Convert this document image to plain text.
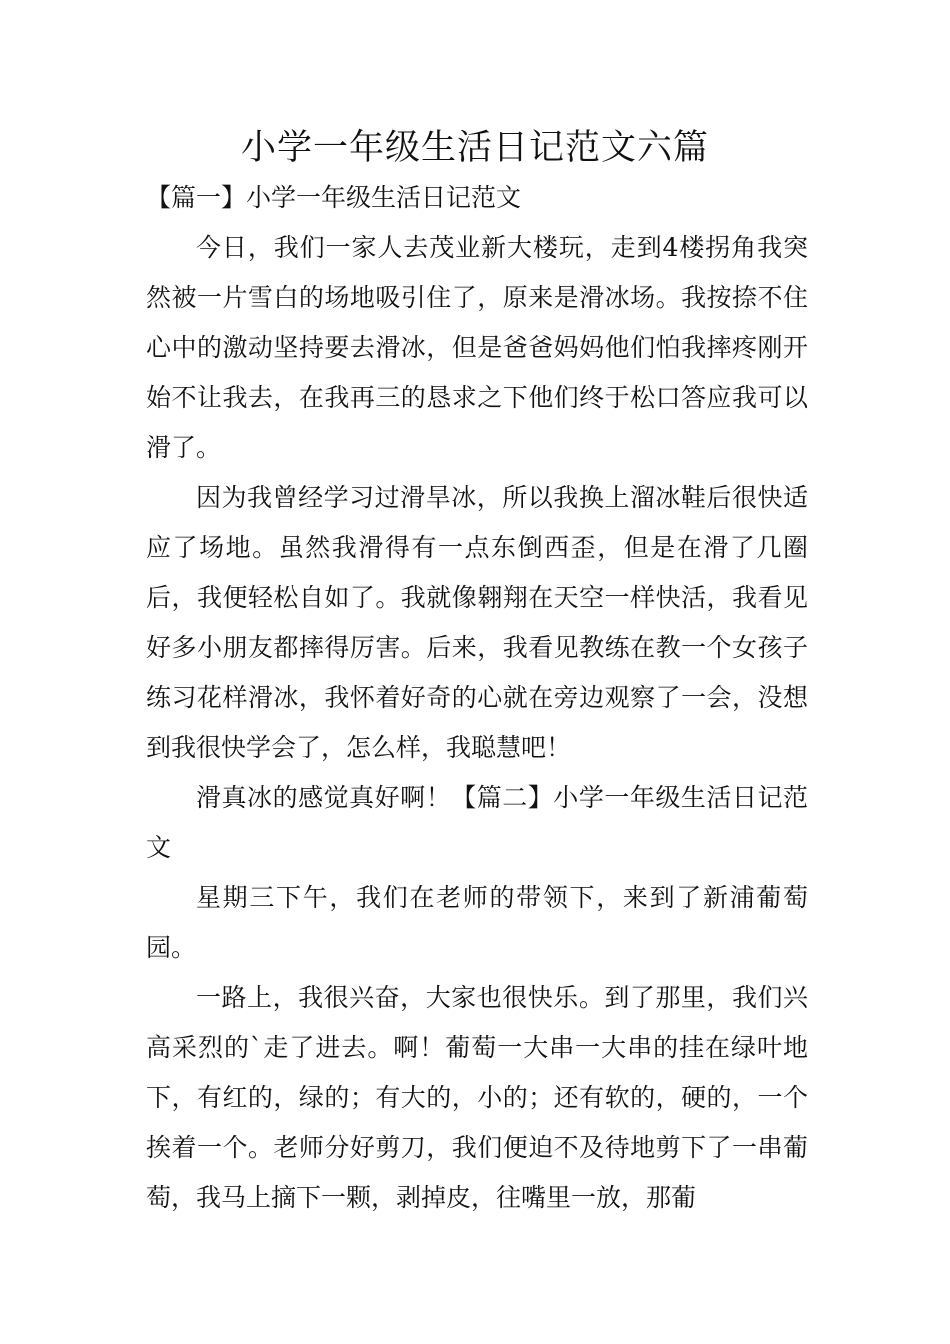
小学一年级生活日记范文六篇

【篇一】小学一年级生活日记范文

今日，我们一家人去茂业新大楼玩，走到4楼拐角我突然被一片雪白的场地吸引住了，原来是滑冰场。我按捺不住心中的激动坚持要去滑冰，但是爸爸妈妈他们怕我摔疼刚开始不让我去，在我再三的恳求之下他们终于松口答应我可以滑了。

因为我曾经学习过滑旱冰，所以我换上溜冰鞋后很快适应了场地。虽然我滑得有一点东倒西歪，但是在滑了几圈后，我便轻松自如了。我就像翱翔在天空一样快活，我看见好多小朋友都摔得厉害。后来，我看见教练在教一个女孩子练习花样滑冰，我怀着好奇的心就在旁边观察了一会，没想到我很快学会了，怎么样，我聪慧吧！

滑真冰的感觉真好啊！【篇二】小学一年级生活日记范文

星期三下午，我们在老师的带领下，来到了新浦葡萄园。

一路上，我很兴奋，大家也很快乐。到了那里，我们兴高采烈的`走了进去。啊！葡萄一大串一大串的挂在绿叶地下，有红的，绿的；有大的，小的；还有软的，硬的，一个挨着一个。老师分好剪刀，我们便迫不及待地剪下了一串葡萄，我马上摘下一颗，剥掉皮，往嘴里一放，那葡
